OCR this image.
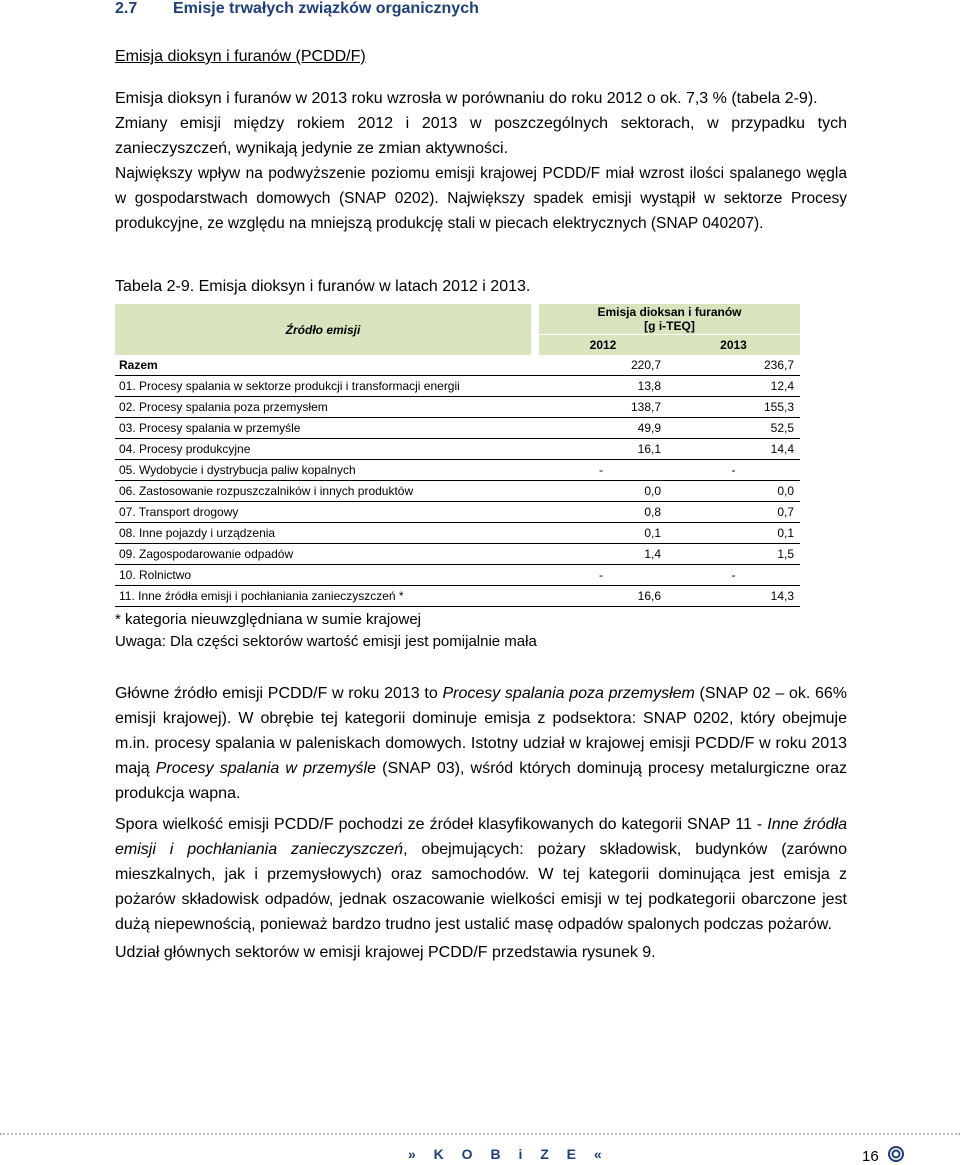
2.7 Emisje trwałych związków organicznych
Emisja dioksyn i furanów (PCDD/F)

Emisja dioksyn i furanów w 2013 roku wzrosła w porównaniu do roku 2012 o ok. 7,3 % (tabela 2-9).

Zmiany emisji między rokiem 2012 i 2013 w poszczególnych sektorach, w przypadku tych zanieczyszczeń, wynikają jedynie ze zmian aktywności.

Największy wpływ na podwyższenie poziomu emisji krajowej PCDD/F miał wzrost ilości spalanego węgla w gospodarstwach domowych (SNAP 0202). Największy spadek emisji wystąpił w sektorze Procesy produkcyjne, ze względu na mniejszą produkcję stali w piecach elektrycznych (SNAP 040207).

Tabela 2-9. Emisja dioksyn i furanów w latach 2012 i 2013.
Źródło emisji	Emisja dioksan i furanów
[g i-TEQ]	
	2012	2013
Razem	220,7	236,7
01. Procesy spalania w sektorze produkcji i transformacji energii	13,8	12,4
02. Procesy spalania poza przemysłem	138,7	155,3
03. Procesy spalania w przemyśle	49,9	52,5
04. Procesy produkcyjne	16,1	14,4
05. Wydobycie i dystrybucja paliw kopalnych	-	-
06. Zastosowanie rozpuszczalników i innych produktów	0,0	0,0
07. Transport drogowy	0,8	0,7
08. Inne pojazdy i urządzenia	0,1	0,1
09. Zagospodarowanie odpadów	1,4	1,5
10. Rolnictwo	-	-
11. Inne źródła emisji i pochłaniania zanieczyszczeń *	16,6	14,3
* kategoria nieuwzględniana w sumie krajowej
Uwaga: Dla części sektorów wartość emisji jest pomijalnie mała

Główne źródło emisji PCDD/F w roku 2013 to Procesy spalania poza przemysłem (SNAP 02 – ok. 66% emisji krajowej). W obrębie tej kategorii dominuje emisja z podsektora: SNAP 0202, który obejmuje m.in. procesy spalania w paleniskach domowych. Istotny udział w krajowej emisji PCDD/F w roku 2013 mają Procesy spalania w przemyśle (SNAP 03), wśród których dominują procesy metalurgiczne oraz produkcja wapna.

Spora wielkość emisji PCDD/F pochodzi ze źródeł klasyfikowanych do kategorii SNAP 11 - Inne źródła emisji i pochłaniania zanieczyszczeń, obejmujących: pożary składowisk, budynków (zarówno mieszkalnych, jak i przemysłowych) oraz samochodów. W tej kategorii dominująca jest emisja z pożarów składowisk odpadów, jednak oszacowanie wielkości emisji w tej podkategorii obarczone jest dużą niepewnością, ponieważ bardzo trudno jest ustalić masę odpadów spalonych podczas pożarów.

Udział głównych sektorów w emisji krajowej PCDD/F przedstawia rysunek 9.

» K O B i Z E «	16
